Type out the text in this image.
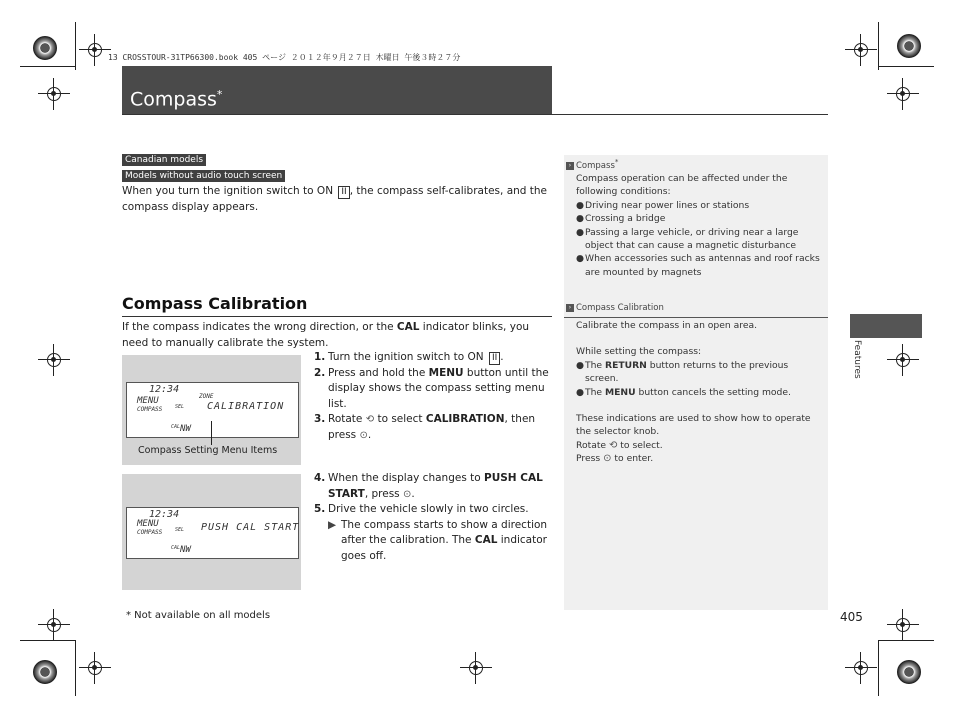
13 CROSSTOUR-31TP66300.book 405 ページ ２０１２年９月２７日 木曜日 午後３時２７分
Compass*
Canadian models
Models without audio touch screen
When you turn the ignition switch to ON II , the compass self-calibrates, and the compass display appears.
Compass Calibration
If the compass indicates the wrong direction, or the CAL indicator blinks, you need to manually calibrate the system.
12:34
MENU
COMPASS
ZONE
SEL CALIBRATION
CAL NW
Compass Setting Menu Items
12:34
MENU
COMPASS	SEL PUSH CAL START
CAL NW
1. Turn the ignition switch to ON II .
2. Press and hold the MENU button until the display shows the compass setting menu list.
3. Rotate ⟲ to select CALIBRATION, then press ⊙.
4. When the display changes to PUSH CAL START, press ⊙.
5. Drive the vehicle slowly in two circles.
▶ The compass starts to show a direction after the calibration. The CAL indicator goes off.
› Compass*
Compass operation can be affected under the following conditions:
● Driving near power lines or stations
● Crossing a bridge
● Passing a large vehicle, or driving near a large object that can cause a magnetic disturbance
● When accessories such as antennas and roof racks are mounted by magnets
› Compass Calibration
Calibrate the compass in an open area.
While setting the compass:
● The RETURN button returns to the previous screen.
● The MENU button cancels the setting mode.
These indications are used to show how to operate the selector knob.
Rotate ⟲ to select.
Press ⊙ to enter.
Features
* Not available on all models	405
